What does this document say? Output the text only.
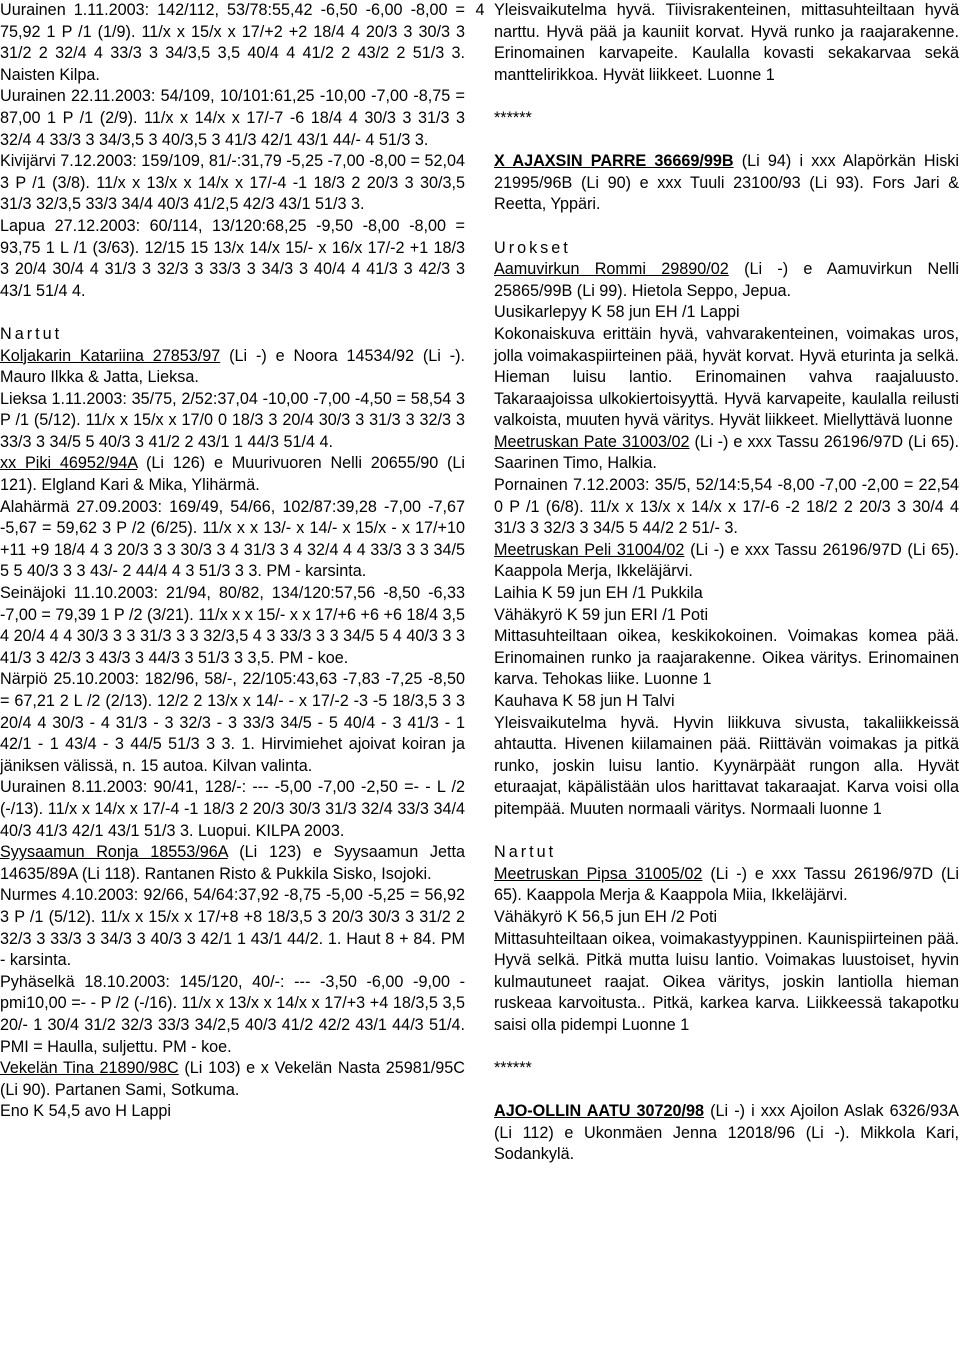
4

Uurainen 1.11.2003: 142/112, 53/78:55,42 -6,50 -6,00 -8,00 = 75,92 1 P /1 (1/9). 11/x x 15/x x 17/+2 +2 18/4 4 20/3 3 30/3 3 31/2 2 32/4 4 33/3 3 34/3,5 3,5 40/4 4 41/2 2 43/2 2 51/3 3. Naisten Kilpa.

Uurainen 22.11.2003: 54/109, 10/101:61,25 -10,00 -7,00 -8,75 = 87,00 1 P /1 (2/9). 11/x x 14/x x 17/-7 -6 18/4 4 30/3 3 31/3 3 32/4 4 33/3 3 34/3,5 3 40/3,5 3 41/3 42/1 43/1 44/- 4 51/3 3.

Kivijärvi 7.12.2003: 159/109, 81/-:31,79 -5,25 -7,00 -8,00 = 52,04 3 P /1 (3/8). 11/x x 13/x x 14/x x 17/-4 -1 18/3 2 20/3 3 30/3,5 31/3 32/3,5 33/3 34/4 40/3 41/2,5 42/3 43/1 51/3 3.

Lapua 27.12.2003: 60/114, 13/120:68,25 -9,50 -8,00 -8,00 = 93,75 1 L /1 (3/63). 12/15 15 13/x 14/x 15/- x 16/x 17/-2 +1 18/3 3 20/4 30/4 4 31/3 3 32/3 3 33/3 3 34/3 3 40/4 4 41/3 3 42/3 3 43/1 51/4 4.

Nartut

Koljakarin Katariina 27853/97 (Li -) e Noora 14534/92 (Li -). Mauro Ilkka & Jatta, Lieksa.

Lieksa 1.11.2003: 35/75, 2/52:37,04 -10,00 -7,00 -4,50 = 58,54 3 P /1 (5/12). 11/x x 15/x x 17/0 0 18/3 3 20/4 30/3 3 31/3 3 32/3 3 33/3 3 34/5 5 40/3 3 41/2 2 43/1 1 44/3 51/4 4.

xx Piki 46952/94A (Li 126) e Muurivuoren Nelli 20655/90 (Li 121). Elgland Kari & Mika, Ylihärmä.

Alahärmä 27.09.2003: 169/49, 54/66, 102/87:39,28 -7,00 -7,67 -5,67 = 59,62 3 P /2 (6/25). 11/x x x 13/- x 14/- x 15/x - x 17/+10 +11 +9 18/4 4 3 20/3 3 3 30/3 3 4 31/3 3 4 32/4 4 4 33/3 3 3 34/5 5 5 40/3 3 3 43/- 2 44/4 4 3 51/3 3 3. PM - karsinta.

Seinäjoki 11.10.2003: 21/94, 80/82, 134/120:57,56 -8,50 -6,33 -7,00 = 79,39 1 P /2 (3/21). 11/x x x 15/- x x 17/+6 +6 +6 18/4 3,5 4 20/4 4 4 30/3 3 3 31/3 3 3 32/3,5 4 3 33/3 3 3 34/5 5 4 40/3 3 3 41/3 3 42/3 3 43/3 3 44/3 3 51/3 3 3,5. PM - koe.

Närpiö 25.10.2003: 182/96, 58/-, 22/105:43,63 -7,83 -7,25 -8,50 = 67,21 2 L /2 (2/13). 12/2 2 13/x x 14/- - x 17/-2 -3 -5 18/3,5 3 3 20/4 4 30/3 - 4 31/3 - 3 32/3 - 3 33/3 34/5 - 5 40/4 - 3 41/3 - 1 42/1 - 1 43/4 - 3 44/5 51/3 3 3. 1. Hirvimiehet ajoivat koiran ja jäniksen välissä, n. 15 autoa. Kilvan valinta.

Uurainen 8.11.2003: 90/41, 128/-: --- -5,00 -7,00 -2,50 =- - L /2 (-/13). 11/x x 14/x x 17/-4 -1 18/3 2 20/3 30/3 31/3 32/4 33/3 34/4 40/3 41/3 42/1 43/1 51/3 3. Luopui. KILPA 2003.

Syysaamun Ronja 18553/96A (Li 123) e Syysaamun Jetta 14635/89A (Li 118). Rantanen Risto & Pukkila Sisko, Isojoki.

Nurmes 4.10.2003: 92/66, 54/64:37,92 -8,75 -5,00 -5,25 = 56,92 3 P /1 (5/12). 11/x x 15/x x 17/+8 +8 18/3,5 3 20/3 30/3 3 31/2 2 32/3 3 33/3 3 34/3 3 40/3 3 42/1 1 43/1 44/2. 1. Haut 8 + 84. PM - karsinta.

Pyhäselkä 18.10.2003: 145/120, 40/-: --- -3,50 -6,00 -9,00 - pmi10,00 =- - P /2 (-/16). 11/x x 13/x x 14/x x 17/+3 +4 18/3,5 3,5 20/- 1 30/4 31/2 32/3 33/3 34/2,5 40/3 41/2 42/2 43/1 44/3 51/4. PMI = Haulla, suljettu. PM - koe.

Vekelän Tina 21890/98C (Li 103) e x Vekelän Nasta 25981/95C (Li 90). Partanen Sami, Sotkuma.

Eno K 54,5 avo H Lappi

Yleisvaikutelma hyvä. Tiivisrakenteinen, mittasuhteiltaan hyvä narttu. Hyvä pää ja kauniit korvat. Hyvä runko ja raajarakenne. Erinomainen karvapeite. Kaulalla kovasti sekakarvaa sekä manttelirikkoa. Hyvät liikkeet. Luonne 1

******

X AJAXSIN PARRE 36669/99B (Li 94) i xxx Alapörkän Hiski 21995/96B (Li 90) e xxx Tuuli 23100/93 (Li 93). Fors Jari & Reetta, Yppäri.

Urokset

Aamuvirkun Rommi 29890/02 (Li -) e Aamuvirkun Nelli 25865/99B (Li 99). Hietola Seppo, Jepua.

Uusikarlepyy K 58 jun EH /1 Lappi

Kokonaiskuva erittäin hyvä, vahvarakenteinen, voimakas uros, jolla voimakaspiirteinen pää, hyvät korvat. Hyvä eturinta ja selkä. Hieman luisu lantio. Erinomainen vahva raajaluusto. Takaraajoissa ulkokiertoisyyttä. Hyvä karvapeite, kaulalla reilusti valkoista, muuten hyvä väritys. Hyvät liikkeet. Miellyttävä luonne

Meetruskan Pate 31003/02 (Li -) e xxx Tassu 26196/97D (Li 65). Saarinen Timo, Halkia.

Pornainen 7.12.2003: 35/5, 52/14:5,54 -8,00 -7,00 -2,00 = 22,54 0 P /1 (6/8). 11/x x 13/x x 14/x x 17/-6 -2 18/2 2 20/3 3 30/4 4 31/3 3 32/3 3 34/5 5 44/2 2 51/- 3.

Meetruskan Peli 31004/02 (Li -) e xxx Tassu 26196/97D (Li 65). Kaappola Merja, Ikkeläjärvi.

Laihia K 59 jun EH /1 Pukkila

Vähäkyrö K 59 jun ERI /1 Poti

Mittasuhteiltaan oikea, keskikokoinen. Voimakas komea pää. Erinomainen runko ja raajarakenne. Oikea väritys. Erinomainen karva. Tehokas liike. Luonne 1

Kauhava K 58 jun H Talvi

Yleisvaikutelma hyvä. Hyvin liikkuva sivusta, takaliikkeissä ahtautta. Hivenen kiilamainen pää. Riittävän voimakas ja pitkä runko, joskin luisu lantio. Kyynärpäät rungon alla. Hyvät eturaajat, käpälistään ulos harittavat takaraajat. Karva voisi olla pitempää. Muuten normaali väritys. Normaali luonne 1

Nartut

Meetruskan Pipsa 31005/02 (Li -) e xxx Tassu 26196/97D (Li 65). Kaappola Merja & Kaappola Miia, Ikkeläjärvi.

Vähäkyrö K 56,5 jun EH /2 Poti

Mittasuhteiltaan oikea, voimakastyyppinen. Kaunispiirteinen pää. Hyvä selkä. Pitkä mutta luisu lantio. Voimakas luustoiset, hyvin kulmautuneet raajat. Oikea väritys, joskin lantiolla hieman ruskeaa karvoitusta.. Pitkä, karkea karva. Liikkeessä takapotku saisi olla pidempi Luonne 1

******

AJO-OLLIN AATU 30720/98 (Li -) i xxx Ajoilon Aslak 6326/93A (Li 112) e Ukonmäen Jenna 12018/96 (Li -). Mikkola Kari, Sodankylä.
